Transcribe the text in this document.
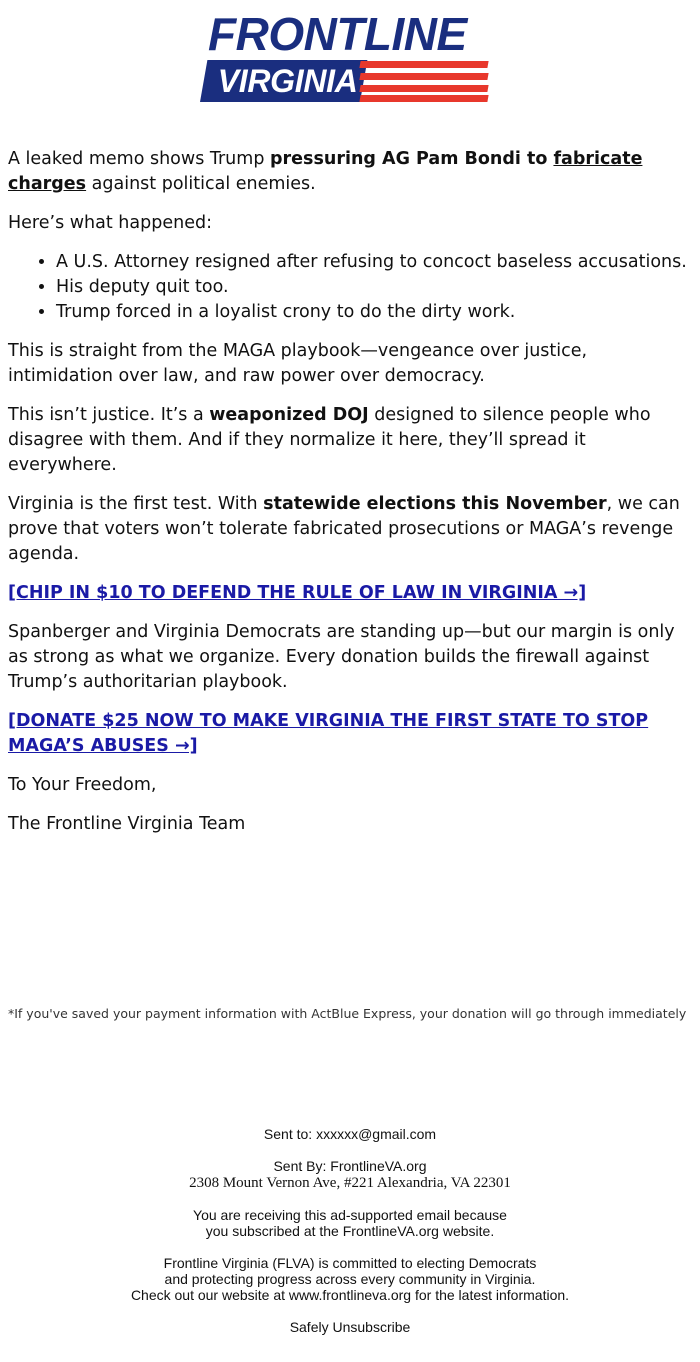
FRONTLINE
VIRGINIA

A leaked memo shows Trump pressuring AG Pam Bondi to fabricate charges against political enemies.

Here’s what happened:

• A U.S. Attorney resigned after refusing to concoct baseless accusations.
• His deputy quit too.
• Trump forced in a loyalist crony to do the dirty work.

This is straight from the MAGA playbook—vengeance over justice, intimidation over law, and raw power over democracy.

This isn’t justice. It’s a weaponized DOJ designed to silence people who disagree with them. And if they normalize it here, they’ll spread it everywhere.

Virginia is the first test. With statewide elections this November, we can prove that voters won’t tolerate fabricated prosecutions or MAGA’s revenge agenda.

[CHIP IN $10 TO DEFEND THE RULE OF LAW IN VIRGINIA →]

Spanberger and Virginia Democrats are standing up—but our margin is only as strong as what we organize. Every donation builds the firewall against Trump’s authoritarian playbook.

[DONATE $25 NOW TO MAKE VIRGINIA THE FIRST STATE TO STOP MAGA’S ABUSES →]

To Your Freedom,

The Frontline Virginia Team

*If you've saved your payment information with ActBlue Express, your donation will go through immediately

Sent to: xxxxxx@gmail.com

Sent By: FrontlineVA.org
2308 Mount Vernon Ave, #221 Alexandria, VA 22301

You are receiving this ad-supported email because
you subscribed at the FrontlineVA.org website.

Frontline Virginia (FLVA) is committed to electing Democrats
and protecting progress across every community in Virginia.
Check out our website at www.frontlineva.org for the latest information.

Safely Unsubscribe
